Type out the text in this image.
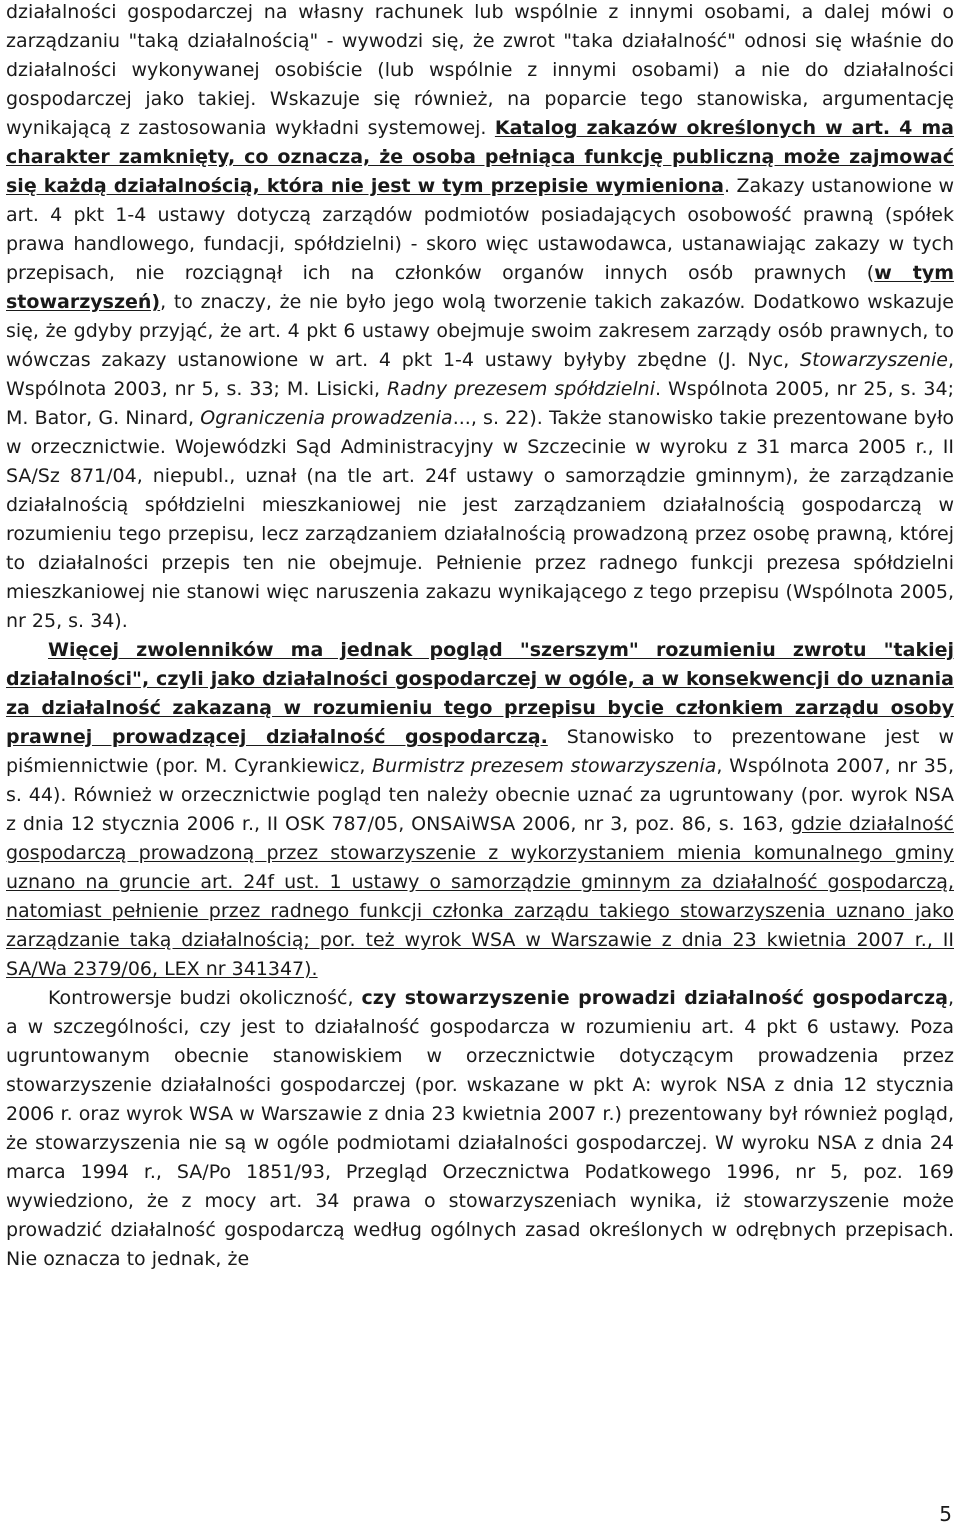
działalności gospodarczej na własny rachunek lub wspólnie z innymi osobami, a dalej mówi o zarządzaniu "taką działalnością" - wywodzi się, że zwrot "taka działalność" odnosi się właśnie do działalności wykonywanej osobiście (lub wspólnie z innymi osobami) a nie do działalności gospodarczej jako takiej. Wskazuje się również, na poparcie tego stanowiska, argumentację wynikającą z zastosowania wykładni systemowej. Katalog zakazów określonych w art. 4 ma charakter zamknięty, co oznacza, że osoba pełniąca funkcję publiczną może zajmować się każdą działalnością, która nie jest w tym przepisie wymieniona. Zakazy ustanowione w art. 4 pkt 1-4 ustawy dotyczą zarządów podmiotów posiadających osobowość prawną (spółek prawa handlowego, fundacji, spółdzielni) - skoro więc ustawodawca, ustanawiając zakazy w tych przepisach, nie rozciągnął ich na członków organów innych osób prawnych (w tym stowarzyszeń), to znaczy, że nie było jego wolą tworzenie takich zakazów. Dodatkowo wskazuje się, że gdyby przyjąć, że art. 4 pkt 6 ustawy obejmuje swoim zakresem zarządy osób prawnych, to wówczas zakazy ustanowione w art. 4 pkt 1-4 ustawy byłyby zbędne (J. Nyc, Stowarzyszenie, Wspólnota 2003, nr 5, s. 33; M. Lisicki, Radny prezesem spółdzielni. Wspólnota 2005, nr 25, s. 34; M. Bator, G. Ninard, Ograniczenia prowadzenia..., s. 22). Także stanowisko takie prezentowane było w orzecznictwie. Wojewódzki Sąd Administracyjny w Szczecinie w wyroku z 31 marca 2005 r., II SA/Sz 871/04, niepubl., uznał (na tle art. 24f ustawy o samorządzie gminnym), że zarządzanie działalnością spółdzielni mieszkaniowej nie jest zarządzaniem działalnością gospodarczą w rozumieniu tego przepisu, lecz zarządzaniem działalnością prowadzoną przez osobę prawną, której to działalności przepis ten nie obejmuje. Pełnienie przez radnego funkcji prezesa spółdzielni mieszkaniowej nie stanowi więc naruszenia zakazu wynikającego z tego przepisu (Wspólnota 2005, nr 25, s. 34).

Więcej zwolenników ma jednak pogląd "szerszym" rozumieniu zwrotu "takiej działalności", czyli jako działalności gospodarczej w ogóle, a w konsekwencji do uznania za działalność zakazaną w rozumieniu tego przepisu bycie członkiem zarządu osoby prawnej prowadzącej działalność gospodarczą. Stanowisko to prezentowane jest w piśmiennictwie (por. M. Cyrankiewicz, Burmistrz prezesem stowarzyszenia, Wspólnota 2007, nr 35, s. 44). Również w orzecznictwie pogląd ten należy obecnie uznać za ugruntowany (por. wyrok NSA z dnia 12 stycznia 2006 r., II OSK 787/05, ONSAiWSA 2006, nr 3, poz. 86, s. 163, gdzie działalność gospodarczą prowadzoną przez stowarzyszenie z wykorzystaniem mienia komunalnego gminy uznano na gruncie art. 24f ust. 1 ustawy o samorządzie gminnym za działalność gospodarczą, natomiast pełnienie przez radnego funkcji członka zarządu takiego stowarzyszenia uznano jako zarządzanie taką działalnością; por. też wyrok WSA w Warszawie z dnia 23 kwietnia 2007 r., II SA/Wa 2379/06, LEX nr 341347).

Kontrowersje budzi okoliczność, czy stowarzyszenie prowadzi działalność gospodarczą, a w szczególności, czy jest to działalność gospodarcza w rozumieniu art. 4 pkt 6 ustawy. Poza ugruntowanym obecnie stanowiskiem w orzecznictwie dotyczącym prowadzenia przez stowarzyszenie działalności gospodarczej (por. wskazane w pkt A: wyrok NSA z dnia 12 stycznia 2006 r. oraz wyrok WSA w Warszawie z dnia 23 kwietnia 2007 r.) prezentowany był również pogląd, że stowarzyszenia nie są w ogóle podmiotami działalności gospodarczej. W wyroku NSA z dnia 24 marca 1994 r., SA/Po 1851/93, Przegląd Orzecznictwa Podatkowego 1996, nr 5, poz. 169 wywiedziono, że z mocy art. 34 prawa o stowarzyszeniach wynika, iż stowarzyszenie może prowadzić działalność gospodarczą według ogólnych zasad określonych w odrębnych przepisach. Nie oznacza to jednak, że

5
